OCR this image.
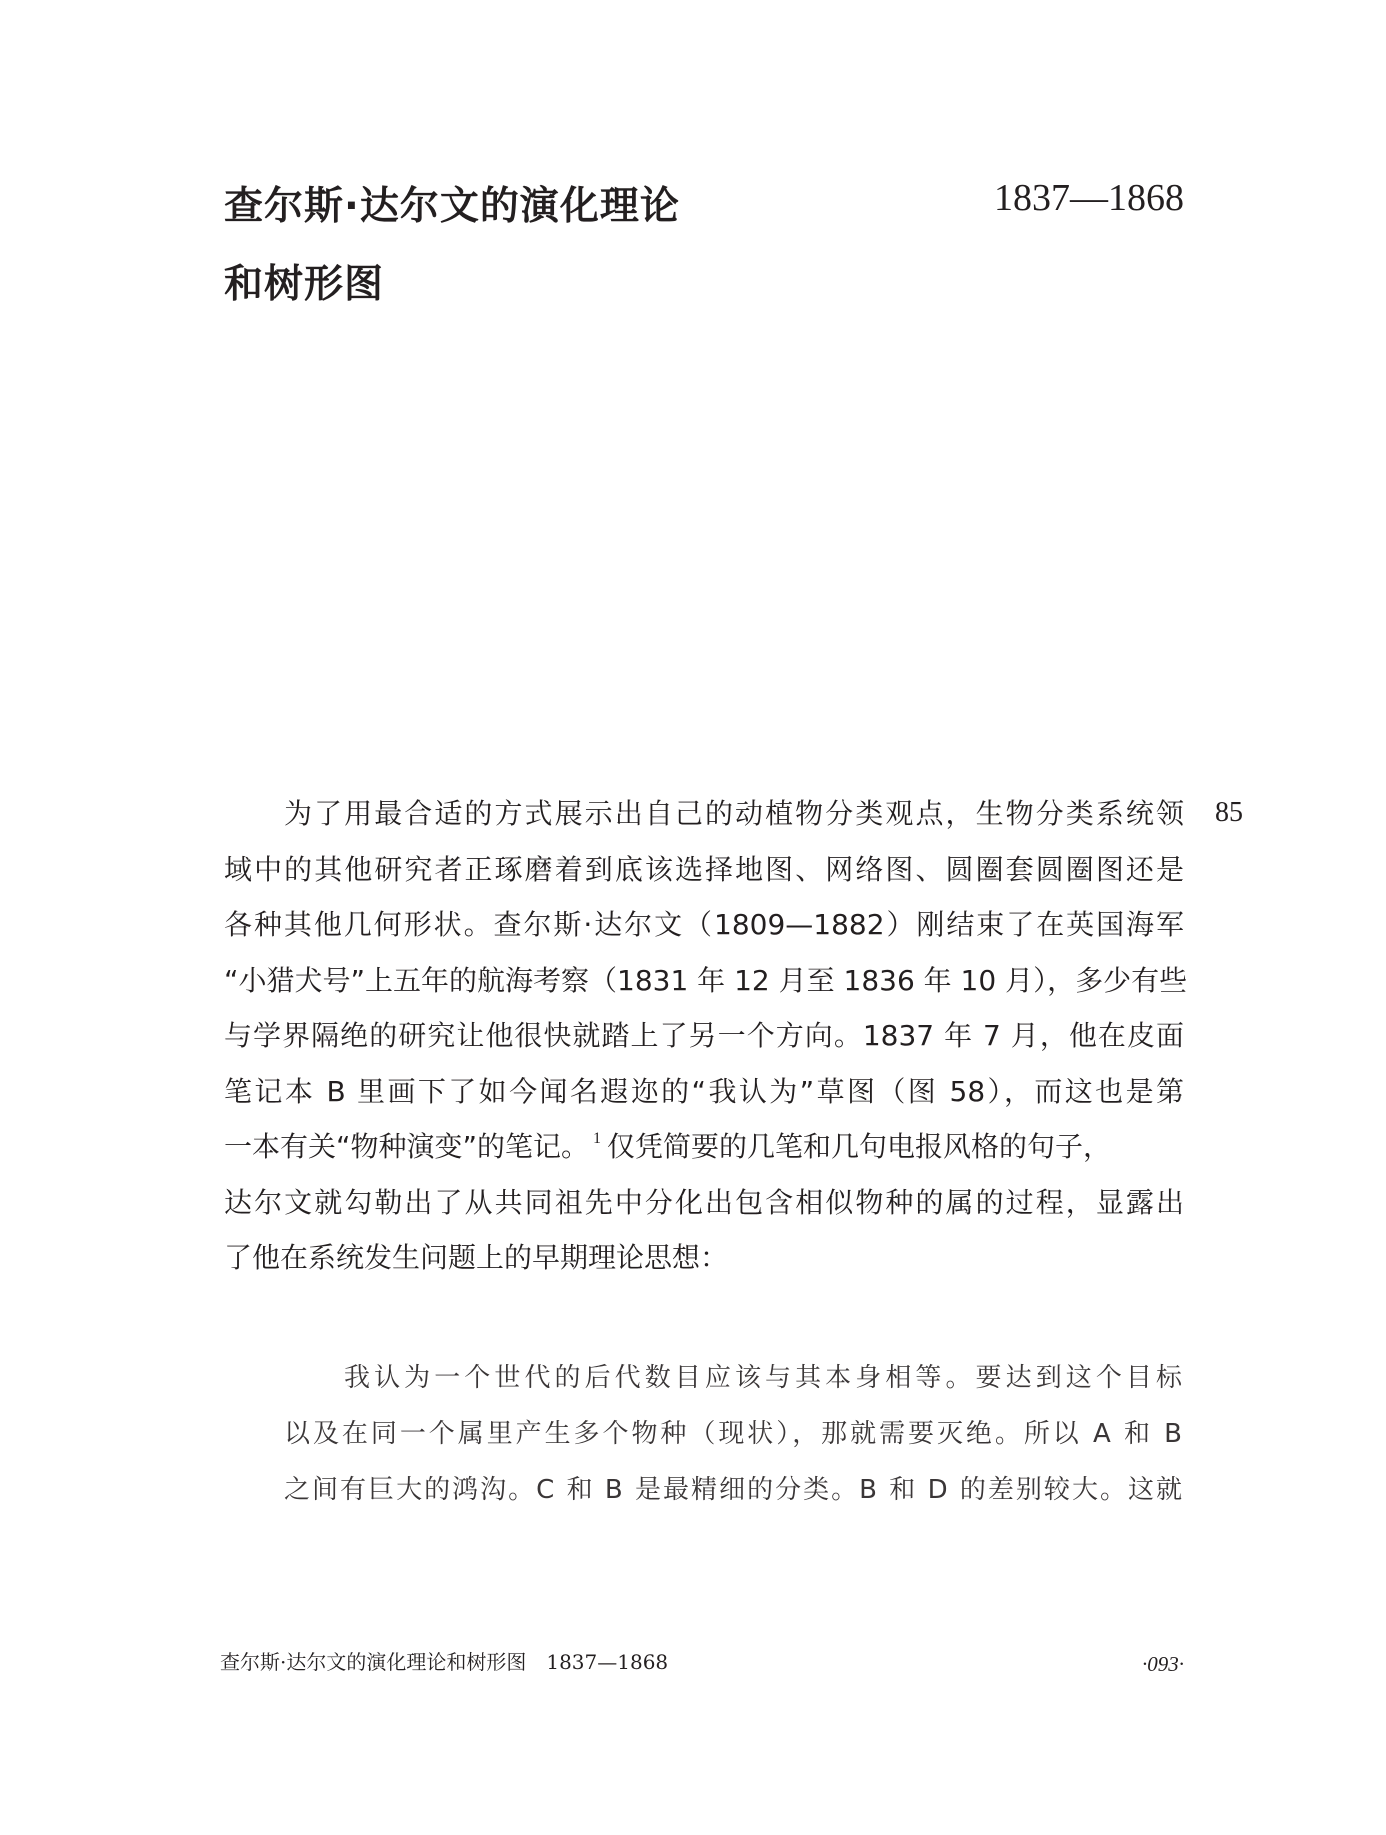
查尔斯·达尔文的演化理论
和树形图
1837—1868
85
为了用最合适的方式展示出自己的动植物分类观点，生物分类系统领
域中的其他研究者正琢磨着到底该选择地图、网络图、圆圈套圆圈图还是
各种其他几何形状。查尔斯·达尔文（1809—1882）刚结束了在英国海军
“小猎犬号”上五年的航海考察（1831 年 12 月至 1836 年 10 月），多少有些
与学界隔绝的研究让他很快就踏上了另一个方向。1837 年 7 月，他在皮面
笔记本 B 里画下了如今闻名遐迩的“我认为”草图（图 58），而这也是第
一本有关“物种演变”的笔记。 $^1$ 仅凭简要的几笔和几句电报风格的句子，
达尔文就勾勒出了从共同祖先中分化出包含相似物种的属的过程，显露出
了他在系统发生问题上的早期理论思想：
我认为一个世代的后代数目应该与其本身相等。要达到这个目标
以及在同一个属里产生多个物种（现状），那就需要灭绝。所以 A 和 B
之间有巨大的鸿沟。C 和 B 是最精细的分类。B 和 D 的差别较大。这就
查尔斯·达尔文的演化理论和树形图　1837—1868	·093·
